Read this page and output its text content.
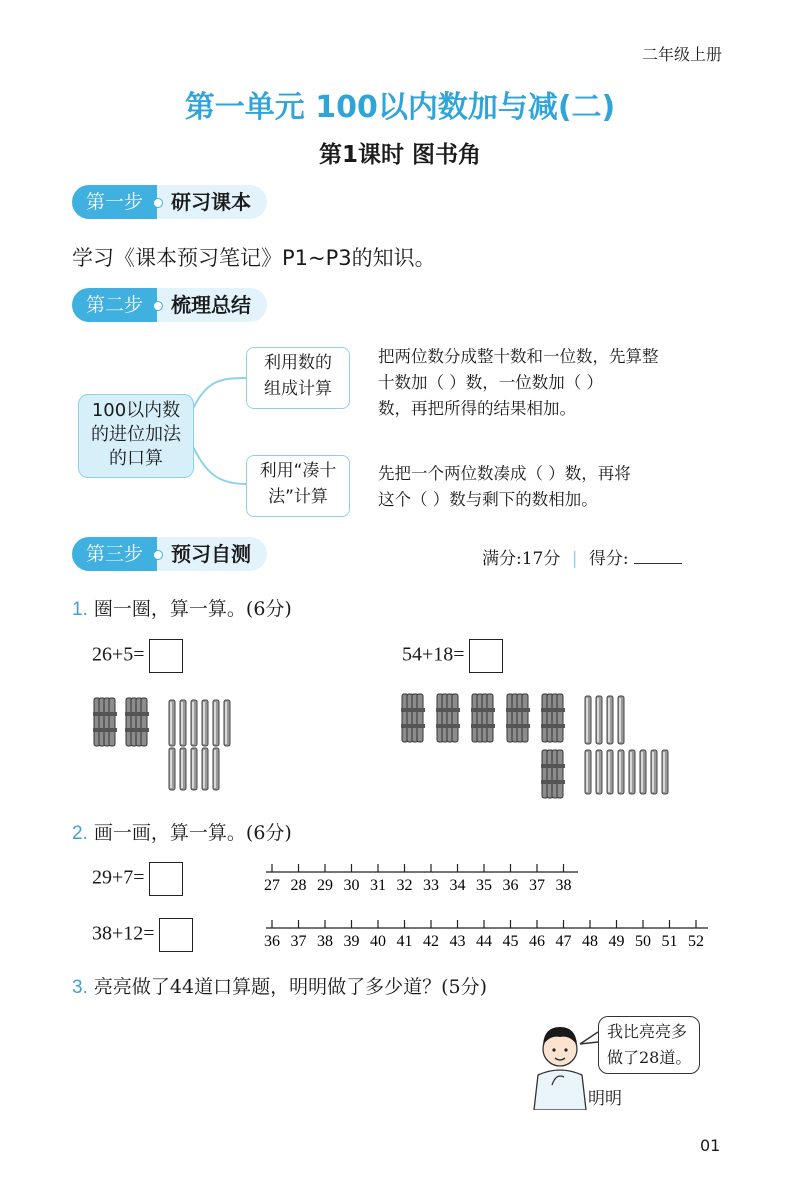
二年级上册
第一单元 100以内数加与减(二)
第1课时 图书角
第一步	研习课本
学习《课本预习笔记》P1~P3的知识。
第二步	梳理总结
100以内数
的进位加法
的口算
利用数的
组成计算
把两位数分成整十数和一位数，先算整
十数加（ ）数，一位数加（ ）
数，再把所得的结果相加。
利用“凑十
法”计算
先把一个两位数凑成（ ）数，再将
这个（ ）数与剩下的数相加。
第三步	预习自测	满分:17分 | 得分:
1. 圈一圈，算一算。(6分)
26+5=	54+18=
2. 画一画，算一算。(6分)
29+7=
38+12=
27 28 29 30 31 32 33 34 35 36 37 38
36 37 38 39 40 41 42 43 44 45 46 47 48 49 50 51 52
3. 亮亮做了44道口算题，明明做了多少道？(5分)
我比亮亮多
做了28道。
明明
01
